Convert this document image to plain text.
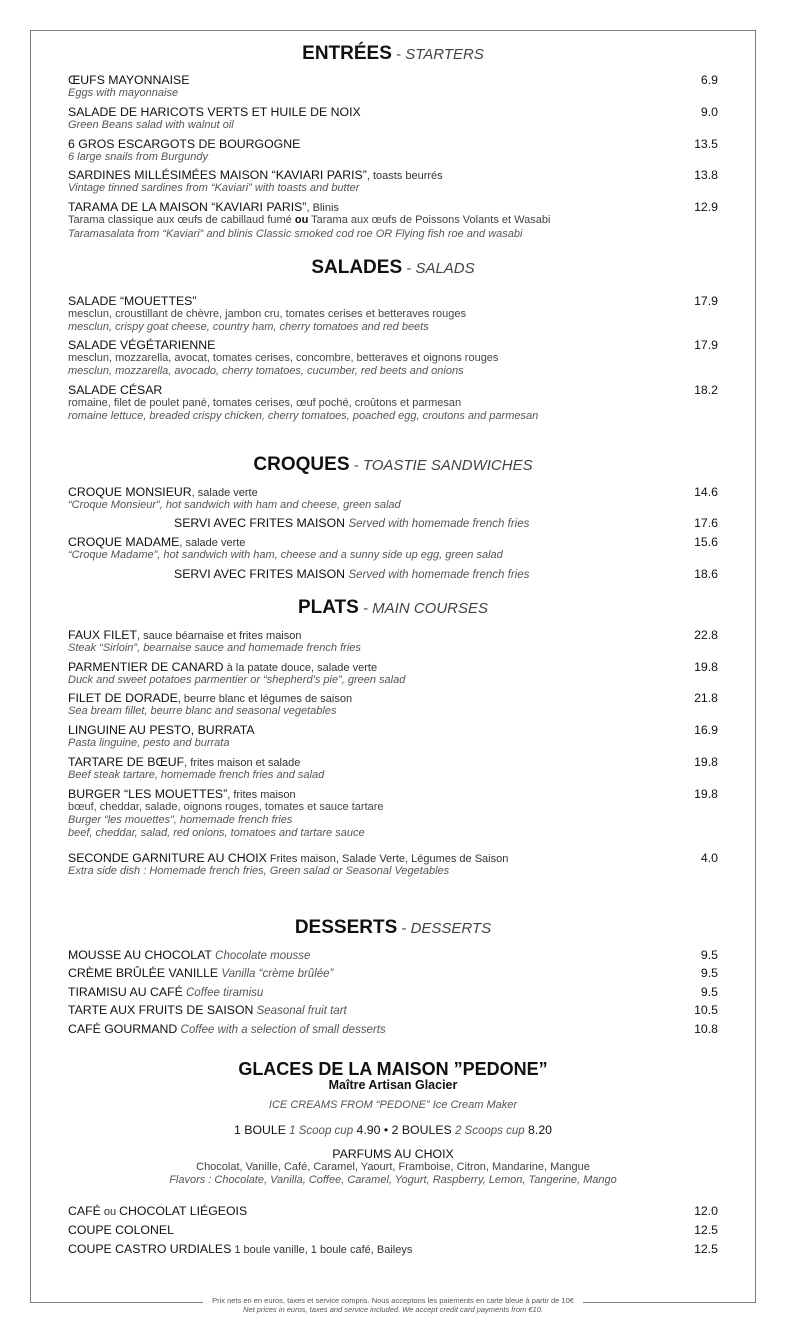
ENTRÉES - STARTERS
ŒUFS MAYONNAISE
Eggs with mayonnaise
6.9
SALADE DE HARICOTS VERTS ET HUILE DE NOIX
Green Beans salad with walnut oil
9.0
6 GROS ESCARGOTS DE BOURGOGNE
6 large snails from Burgundy
13.5
SARDINES MILLÉSIMÉES MAISON “KAVIARI PARIS”, toasts beurrés
Vintage tinned sardines from “Kaviari” with toasts and butter
13.8
TARAMA DE LA MAISON “KAVIARI PARIS”, Blinis
Tarama classique aux œufs de cabillaud fumé ou Tarama aux œufs de Poissons Volants et Wasabi
Taramasalata from “Kaviari” and blinis Classic smoked cod roe OR Flying fish roe and wasabi
12.9
SALADES - SALADS
SALADE “MOUETTES”
mesclun, croustillant de chèvre, jambon cru, tomates cerises et betteraves rouges
mesclun, crispy goat cheese, country ham, cherry tomatoes and red beets
17.9
SALADE VÉGÉTARIENNE
mesclun, mozzarella, avocat, tomates cerises, concombre, betteraves et oignons rouges
mesclun, mozzarella, avocado, cherry tomatoes, cucumber, red beets and onions
17.9
SALADE CÉSAR
romaine, filet de poulet pané, tomates cerises, œuf poché, croûtons et parmesan
romaine lettuce, breaded crispy chicken, cherry tomatoes, poached egg, croutons and parmesan
18.2
CROQUES - TOASTIE SANDWICHES
CROQUE MONSIEUR, salade verte
“Croque Monsieur”, hot sandwich with ham and cheese, green salad
14.6
SERVI AVEC FRITES MAISON Served with homemade french fries	17.6
CROQUE MADAME, salade verte
“Croque Madame”, hot sandwich with ham, cheese and a sunny side up egg, green salad
15.6
SERVI AVEC FRITES MAISON Served with homemade french fries	18.6
PLATS - MAIN COURSES
FAUX FILET, sauce béarnaise et frites maison
Steak “Sirloin”, bearnaise sauce and homemade french fries
22.8
PARMENTIER DE CANARD à la patate douce, salade verte
Duck and sweet potatoes parmentier or “shepherd’s pie”, green salad
19.8
FILET DE DORADE, beurre blanc et légumes de saison
Sea bream fillet, beurre blanc and seasonal vegetables
21.8
LINGUINE AU PESTO, BURRATA
Pasta linguine, pesto and burrata
16.9
TARTARE DE BŒUF, frites maison et salade
Beef steak tartare, homemade french fries and salad
19.8
BURGER “LES MOUETTES”, frites maison
bœuf, cheddar, salade, oignons rouges, tomates et sauce tartare
Burger “les mouettes”, homemade french fries
beef, cheddar, salad, red onions, tomatoes and tartare sauce
19.8
SECONDE GARNITURE AU CHOIX Frites maison, Salade Verte, Légumes de Saison
Extra side dish : Homemade french fries, Green salad or Seasonal Vegetables
4.0
DESSERTS - DESSERTS
MOUSSE AU CHOCOLAT Chocolate mousse	9.5
CRÈME BRÛLÉE VANILLE Vanilla “crème brûlée”	9.5
TIRAMISU AU CAFÉ Coffee tiramisu	9.5
TARTE AUX FRUITS DE SAISON Seasonal fruit tart	10.5
CAFÉ GOURMAND Coffee with a selection of small desserts	10.8
GLACES DE LA MAISON ”PEDONE”
Maître Artisan Glacier
ICE CREAMS FROM “PEDONE” Ice Cream Maker
1 BOULE 1 Scoop cup 4.90 • 2 BOULES 2 Scoops cup 8.20
PARFUMS AU CHOIX
Chocolat, Vanille, Café, Caramel, Yaourt, Framboise, Citron, Mandarine, Mangue
Flavors : Chocolate, Vanilla, Coffee, Caramel, Yogurt, Raspberry, Lemon, Tangerine, Mango
CAFÉ ou CHOCOLAT LIÉGEOIS	12.0
COUPE COLONEL	12.5
COUPE CASTRO URDIALES 1 boule vanille, 1 boule café, Baileys	12.5
Prix nets en en euros, taxes et service compris. Nous acceptons les paiements en carte bleue à partir de 10€
Net prices in euros, taxes and service included. We accept credit card payments from €10.
